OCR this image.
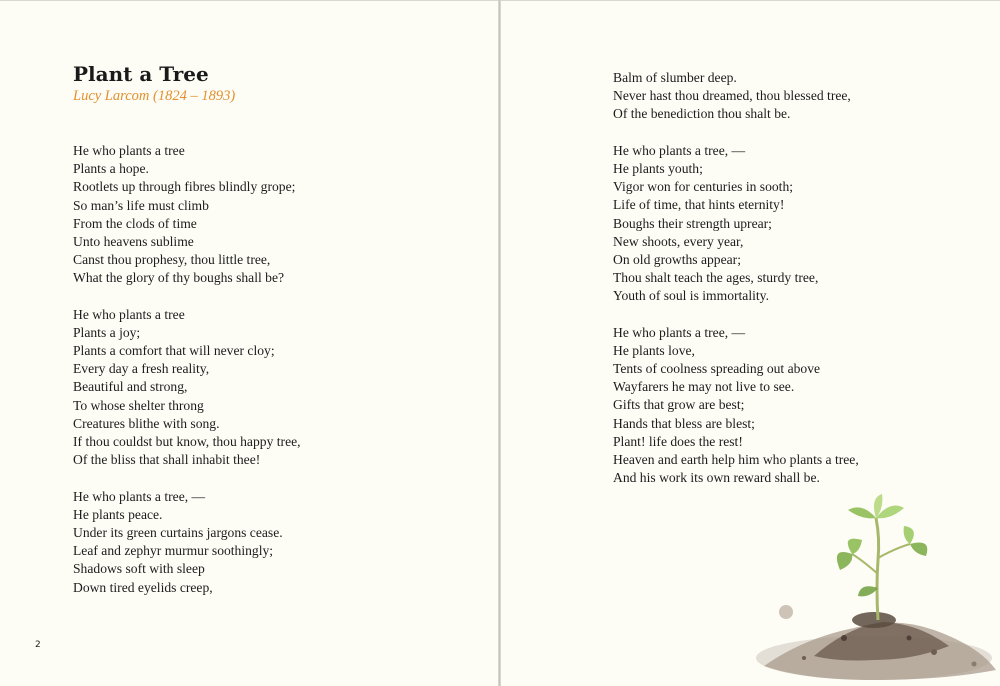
Plant a Tree
Lucy Larcom (1824 – 1893)
He who plants a tree
Plants a hope.
Rootlets up through fibres blindly grope;
So man’s life must climb
From the clods of time
Unto heavens sublime
Canst thou prophesy, thou little tree,
What the glory of thy boughs shall be?
He who plants a tree
Plants a joy;
Plants a comfort that will never cloy;
Every day a fresh reality,
Beautiful and strong,
To whose shelter throng
Creatures blithe with song.
If thou couldst but know, thou happy tree,
Of the bliss that shall inhabit thee!
He who plants a tree, —
He plants peace.
Under its green curtains jargons cease.
Leaf and zephyr murmur soothingly;
Shadows soft with sleep
Down tired eyelids creep,
2
Balm of slumber deep.
Never hast thou dreamed, thou blessed tree,
Of the benediction thou shalt be.
He who plants a tree, —
He plants youth;
Vigor won for centuries in sooth;
Life of time, that hints eternity!
Boughs their strength uprear;
New shoots, every year,
On old growths appear;
Thou shalt teach the ages, sturdy tree,
Youth of soul is immortality.
He who plants a tree, —
He plants love,
Tents of coolness spreading out above
Wayfarers he may not live to see.
Gifts that grow are best;
Hands that bless are blest;
Plant! life does the rest!
Heaven and earth help him who plants a tree,
And his work its own reward shall be.
